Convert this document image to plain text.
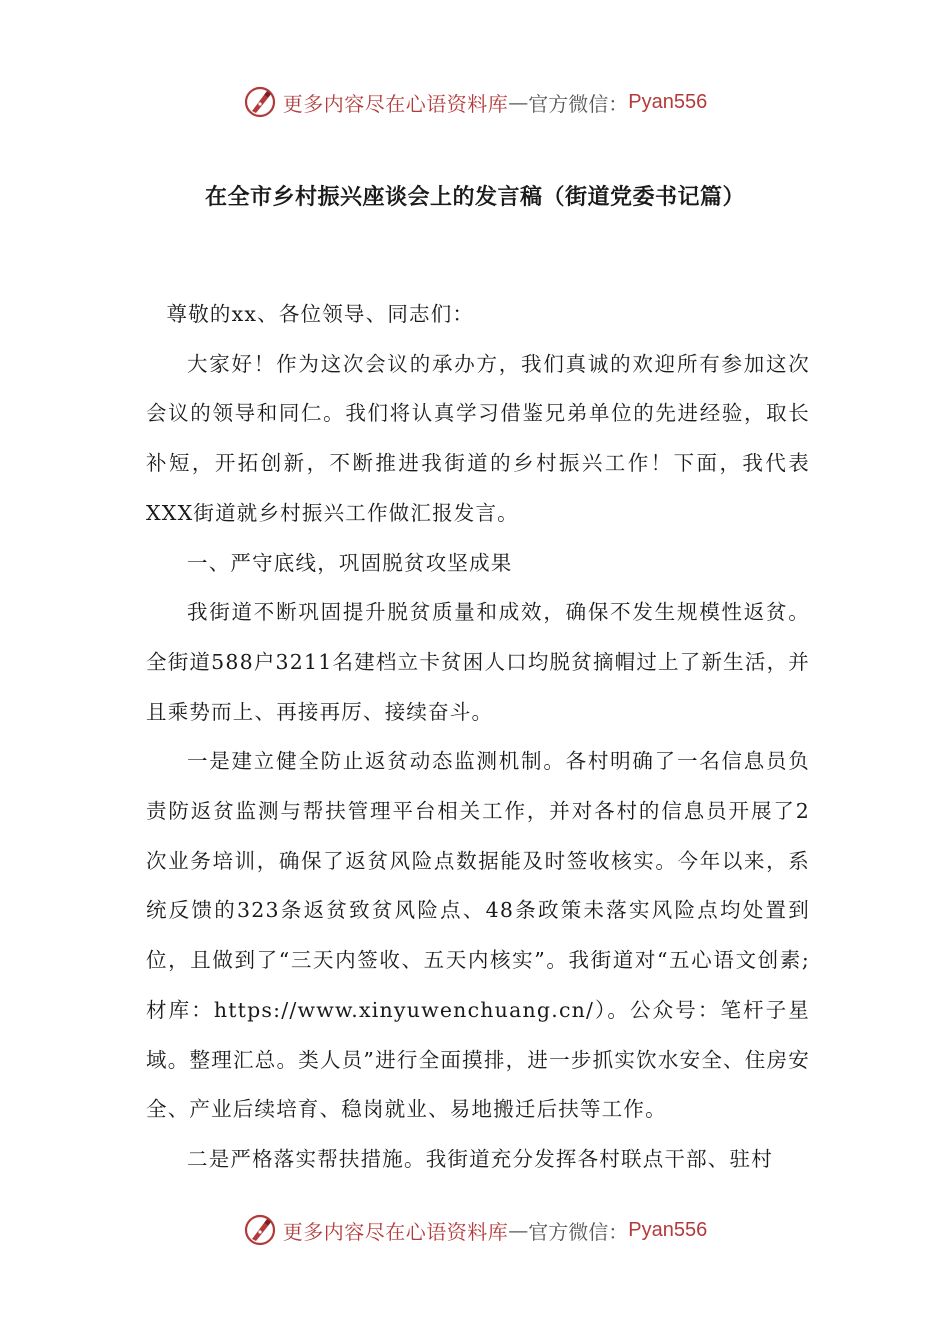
更多内容尽在心语资料库 — 官方微信： Pyan556
在全市乡村振兴座谈会上的发言稿（街道党委书记篇）

尊敬的xx、各位领导、同志们：

大家好！作为这次会议的承办方，我们真诚的欢迎所有参加这次会议的领导和同仁。我们将认真学习借鉴兄弟单位的先进经验，取长补短，开拓创新，不断推进我街道的乡村振兴工作！下面，我代表XXX街道就乡村振兴工作做汇报发言。

一、严守底线，巩固脱贫攻坚成果

我街道不断巩固提升脱贫质量和成效，确保不发生规模性返贫。全街道588户3211名建档立卡贫困人口均脱贫摘帽过上了新生活，并且乘势而上、再接再厉、接续奋斗。

一是建立健全防止返贫动态监测机制。各村明确了一名信息员负责防返贫监测与帮扶管理平台相关工作，并对各村的信息员开展了2次业务培训，确保了返贫风险点数据能及时签收核实。今年以来，系统反馈的323条返贫致贫风险点、48条政策未落实风险点均处置到位，且做到了“三天内签收、五天内核实”。我街道对“五心语文创素;材库：https://www.xinyuwenchuang.cn/）。公众号：笔杆子星域。整理汇总。类人员”进行全面摸排，进一步抓实饮水安全、住房安全、产业后续培育、稳岗就业、易地搬迁后扶等工作。

二是严格落实帮扶措施。我街道充分发挥各村联点干部、驻村

更多内容尽在心语资料库 — 官方微信： Pyan556
